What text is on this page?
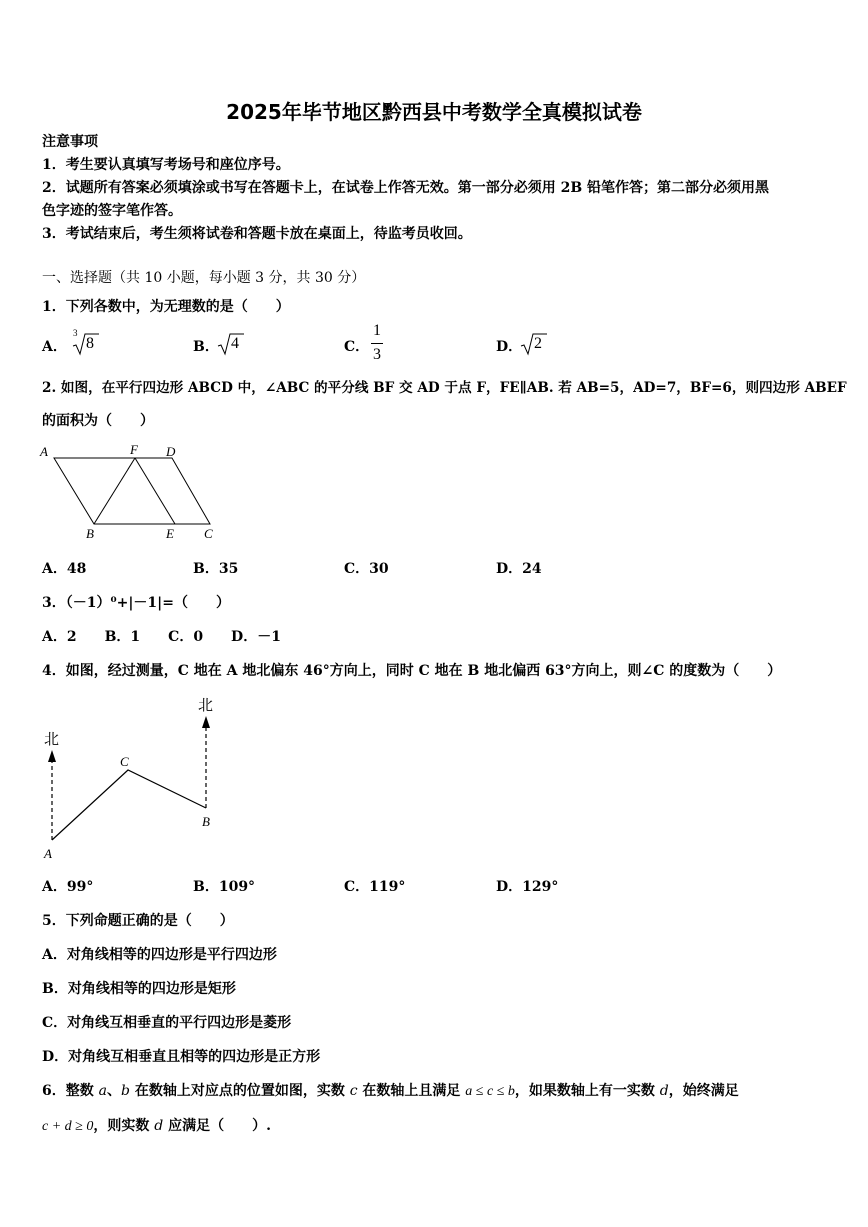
2025年毕节地区黔西县中考数学全真模拟试卷
注意事项
1．考生要认真填写考场号和座位序号。
2．试题所有答案必须填涂或书写在答题卡上，在试卷上作答无效。第一部分必须用 2B 铅笔作答；第二部分必须用黑
色字迹的签字笔作答。
3．考试结束后，考生须将试卷和答题卡放在桌面上，待监考员收回。
一、选择题（共 10 小题，每小题 3 分，共 30 分）
1．下列各数中，为无理数的是（　　）
A．
3
8	B． 4	C．
1
3	D． 2
2. 如图，在平行四边形 ABCD 中，∠ABC 的平分线 BF 交 AD 于点 F，FE∥AB. 若 AB=5，AD=7，BF=6，则四边形 ABEF
的面积为（　　）
A	F D
B	E C
A．48	B．35	C．30	D．24
3．（－1）⁰+|－1|=（　　）
A．2　　B．1　　C．0　　D．－1
4．如图，经过测量，C 地在 A 地北偏东 46°方向上，同时 C 地在 B 地北偏西 63°方向上，则∠C 的度数为（　　）
北
北
A
C
B
A．99°	B．109°	C．119°	D．129°
5．下列命题正确的是（　　）
A．对角线相等的四边形是平行四边形
B．对角线相等的四边形是矩形
C．对角线互相垂直的平行四边形是菱形
D．对角线互相垂直且相等的四边形是正方形
6．整数 a、b 在数轴上对应点的位置如图，实数 c 在数轴上且满足 a ≤ c ≤ b，如果数轴上有一实数 d，始终满足
c + d ≥ 0，则实数 d 应满足（　　）.
